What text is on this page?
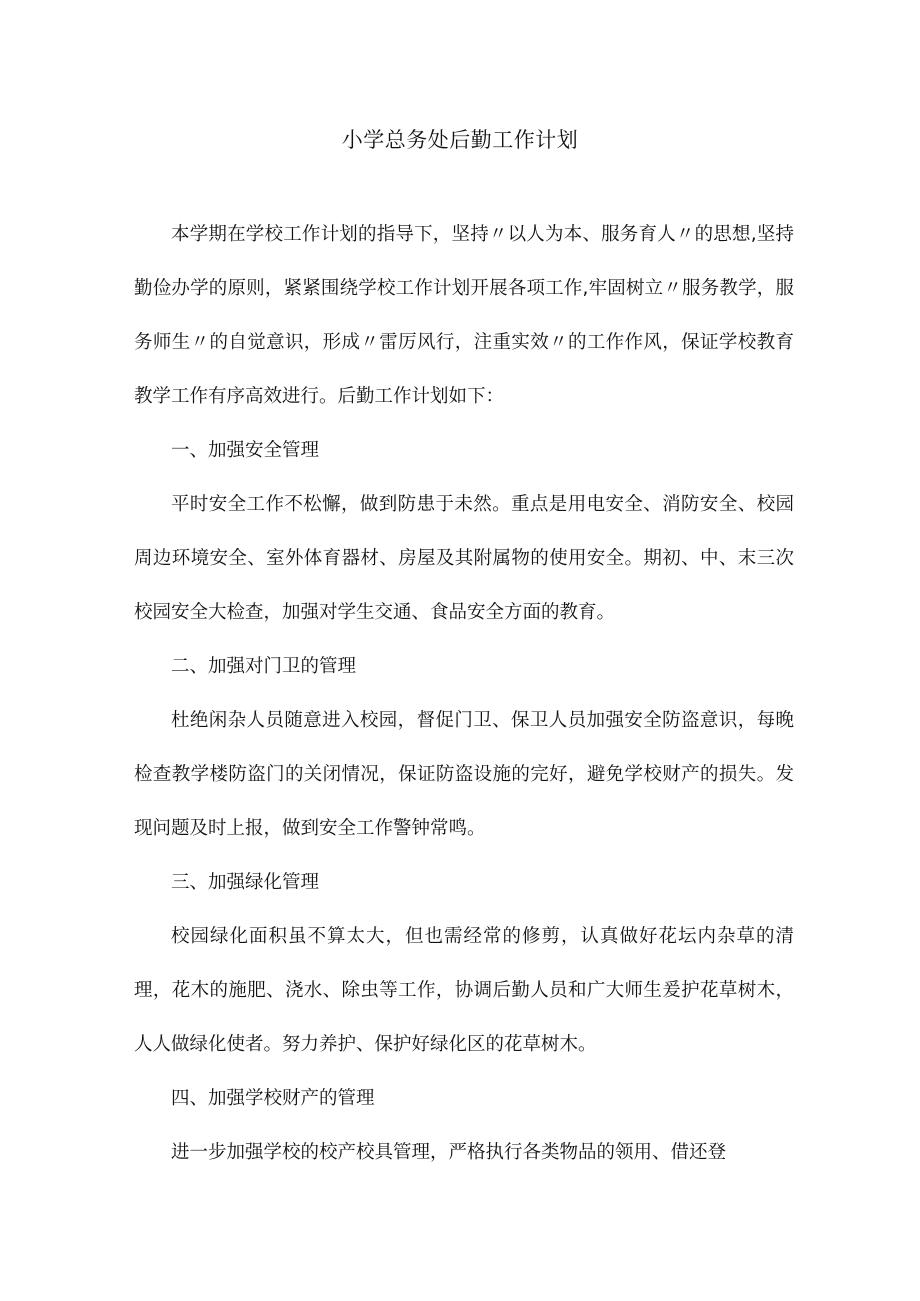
小学总务处后勤工作计划

本学期在学校工作计划的指导下，坚持〃以人为本、服务育人〃的思想,坚持勤俭办学的原则，紧紧围绕学校工作计划开展各项工作,牢固树立〃服务教学，服务师生〃的自觉意识，形成〃雷厉风行，注重实效〃的工作作风，保证学校教育教学工作有序高效进行。后勤工作计划如下：

一、加强安全管理

平时安全工作不松懈，做到防患于未然。重点是用电安全、消防安全、校园周边环境安全、室外体育器材、房屋及其附属物的使用安全。期初、中、末三次校园安全大检查，加强对学生交通、食品安全方面的教育。

二、加强对门卫的管理

杜绝闲杂人员随意进入校园，督促门卫、保卫人员加强安全防盗意识，每晚检查教学楼防盗门的关闭情况，保证防盗设施的完好，避免学校财产的损失。发现问题及时上报，做到安全工作警钟常鸣。

三、加强绿化管理

校园绿化面积虽不算太大，但也需经常的修剪，认真做好花坛内杂草的清理，花木的施肥、浇水、除虫等工作，协调后勤人员和广大师生爰护花草树木，人人做绿化使者。努力养护、保护好绿化区的花草树木。

四、加强学校财产的管理

进一步加强学校的校产校具管理，严格执行各类物品的领用、借还登
